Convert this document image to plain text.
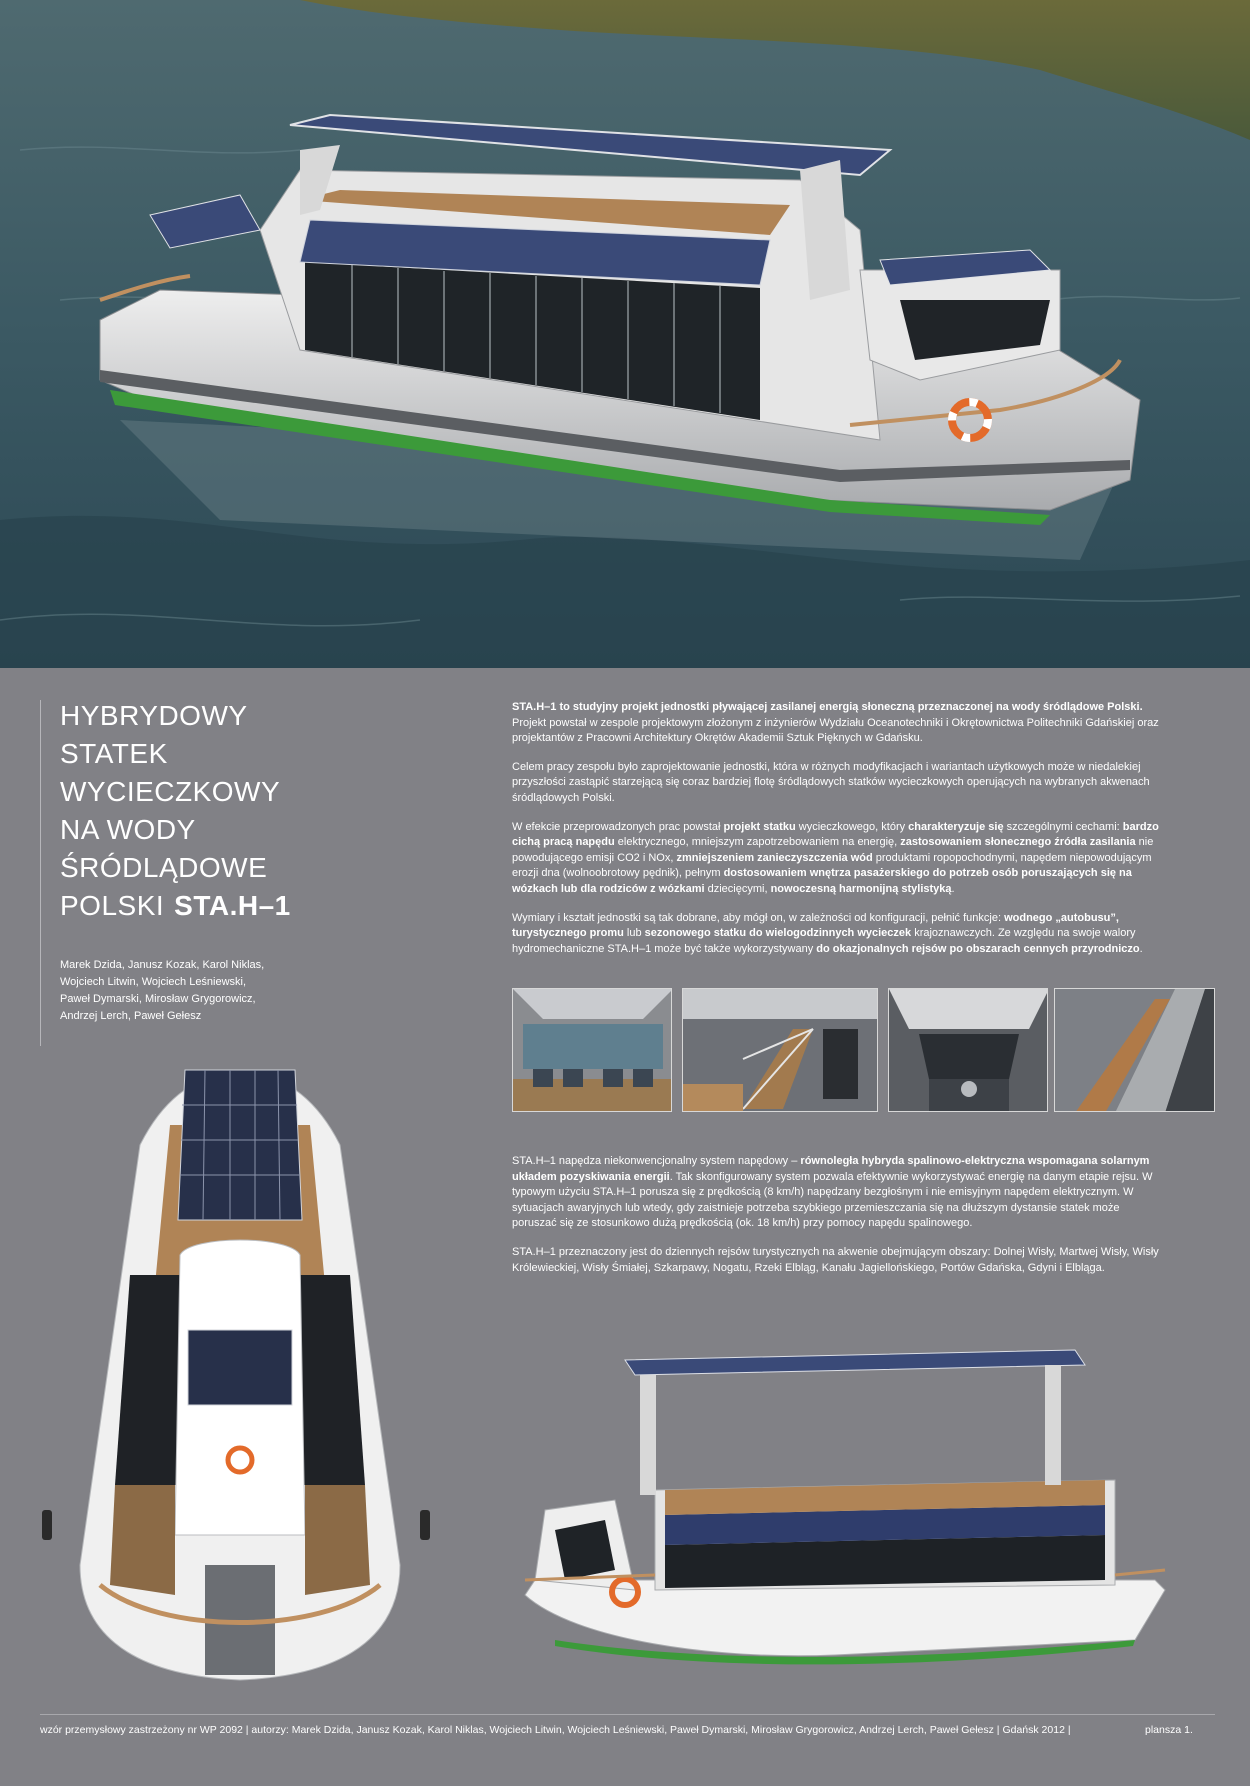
HYBRYDOWY
STATEK
WYCIECZKOWY
NA WODY
ŚRÓDLĄDOWE
POLSKI STA.H–1
Marek Dzida, Janusz Kozak, Karol Niklas,
Wojciech Litwin, Wojciech Leśniewski,
Paweł Dymarski, Mirosław Grygorowicz,
Andrzej Lerch, Paweł Gełesz

STA.H–1 to studyjny projekt jednostki pływającej zasilanej energią słoneczną przeznaczonej na wody śródlądowe Polski. Projekt powstał w zespole projektowym złożonym z inżynierów Wydziału Oceanotechniki i Okrętownictwa Politechniki Gdańskiej oraz projektantów z Pracowni Architektury Okrętów Akademii Sztuk Pięknych w Gdańsku.

Celem pracy zespołu było zaprojektowanie jednostki, która w różnych modyfikacjach i wariantach użytkowych może w niedalekiej przyszłości zastąpić starzejącą się coraz bardziej flotę śródlądowych statków wycieczkowych operujących na wybranych akwenach śródlądowych Polski.

W efekcie przeprowadzonych prac powstał projekt statku wycieczkowego, który charakteryzuje się szczególnymi cechami: bardzo cichą pracą napędu elektrycznego, mniejszym zapotrzebowaniem na energię, zastosowaniem słonecznego źródła zasilania nie powodującego emisji CO2 i NOx, zmniejszeniem zanieczyszczenia wód produktami ropopochodnymi, napędem niepowodującym erozji dna (wolnoobrotowy pędnik), pełnym dostosowaniem wnętrza pasażerskiego do potrzeb osób poruszających się na wózkach lub dla rodziców z wózkami dziecięcymi, nowoczesną harmonijną stylistyką.

Wymiary i kształt jednostki są tak dobrane, aby mógł on, w zależności od konfiguracji, pełnić funkcje: wodnego „autobusu”, turystycznego promu lub sezonowego statku do wielogodzinnych wycieczek krajoznawczych. Ze względu na swoje walory hydromechaniczne STA.H–1 może być także wykorzystywany do okazjonalnych rejsów po obszarach cennych przyrodniczo.

STA.H–1 napędza niekonwencjonalny system napędowy – równoległa hybryda spalinowo-elektryczna wspomagana solarnym układem pozyskiwania energii. Tak skonfigurowany system pozwala efektywnie wykorzystywać energię na danym etapie rejsu. W typowym użyciu STA.H–1 porusza się z prędkością (8 km/h) napędzany bezgłośnym i nie emisyjnym napędem elektrycznym. W sytuacjach awaryjnych lub wtedy, gdy zaistnieje potrzeba szybkiego przemieszczania się na dłuższym dystansie statek może poruszać się ze stosunkowo dużą prędkością (ok. 18 km/h) przy pomocy napędu spalinowego.

STA.H–1 przeznaczony jest do dziennych rejsów turystycznych na akwenie obejmującym obszary: Dolnej Wisły, Martwej Wisły, Wisły Królewieckiej, Wisły Śmiałej, Szkarpawy, Nogatu, Rzeki Elbląg, Kanału Jagiellońskiego, Portów Gdańska, Gdyni i Elbląga.

wzór przemysłowy zastrzeżony nr WP 2092 | autorzy: Marek Dzida, Janusz Kozak, Karol Niklas, Wojciech Litwin, Wojciech Leśniewski, Paweł Dymarski, Mirosław Grygorowicz, Andrzej Lerch, Paweł Gełesz | Gdańsk 2012 |	plansza 1.
